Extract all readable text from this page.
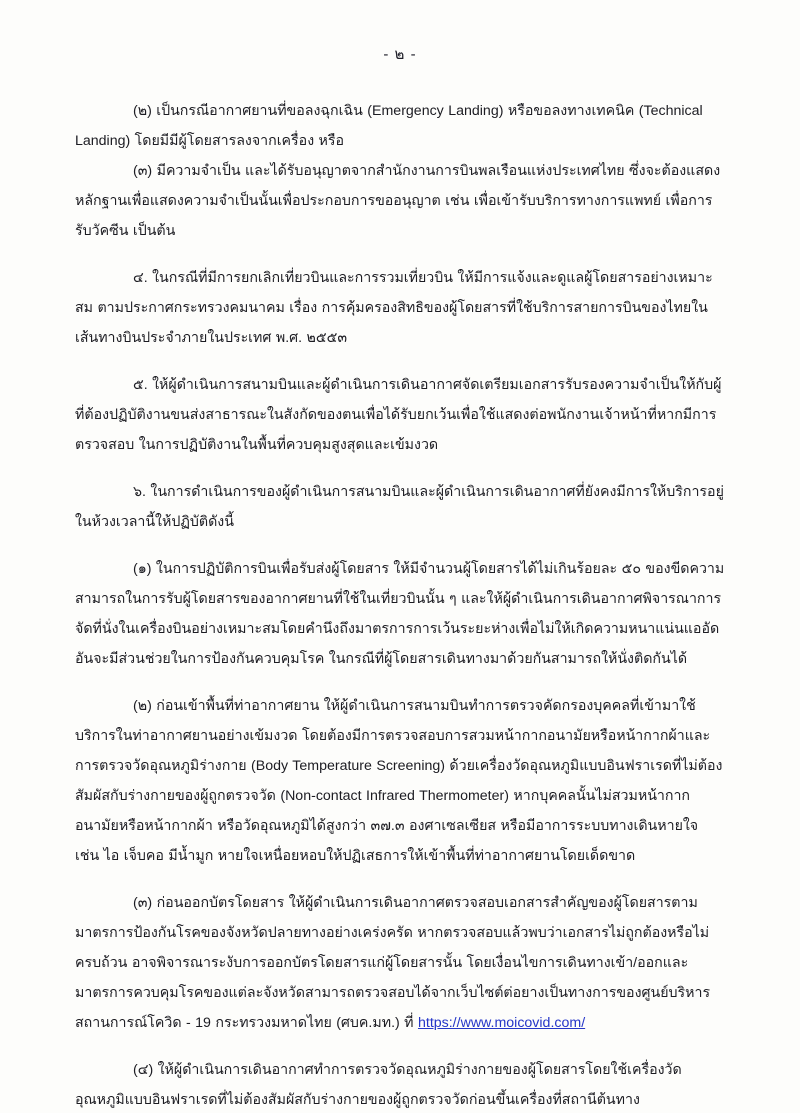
- ๒ -

(๒) เป็นกรณีอากาศยานที่ขอลงฉุกเฉิน (Emergency Landing) หรือขอลงทางเทคนิค (Technical Landing) โดยมีมีผู้โดยสารลงจากเครื่อง หรือ

(๓) มีความจำเป็น และได้รับอนุญาตจากสำนักงานการบินพลเรือนแห่งประเทศไทย ซึ่งจะต้องแสดงหลักฐานเพื่อแสดงความจำเป็นนั้นเพื่อประกอบการขออนุญาต เช่น เพื่อเข้ารับบริการทางการแพทย์ เพื่อการรับวัคซีน เป็นต้น

๔. ในกรณีที่มีการยกเลิกเที่ยวบินและการรวมเที่ยวบิน ให้มีการแจ้งและดูแลผู้โดยสารอย่างเหมาะสม ตามประกาศกระทรวงคมนาคม เรื่อง การคุ้มครองสิทธิของผู้โดยสารที่ใช้บริการสายการบินของไทยในเส้นทางบินประจำภายในประเทศ พ.ศ. ๒๕๕๓

๕. ให้ผู้ดำเนินการสนามบินและผู้ดำเนินการเดินอากาศจัดเตรียมเอกสารรับรองความจำเป็นให้กับผู้ที่ต้องปฏิบัติงานขนส่งสาธารณะในสังกัดของตนเพื่อได้รับยกเว้นเพื่อใช้แสดงต่อพนักงานเจ้าหน้าที่หากมีการตรวจสอบ ในการปฏิบัติงานในพื้นที่ควบคุมสูงสุดและเข้มงวด

๖. ในการดำเนินการของผู้ดำเนินการสนามบินและผู้ดำเนินการเดินอากาศที่ยังคงมีการให้บริการอยู่ในห้วงเวลานี้ให้ปฏิบัติดังนี้

(๑) ในการปฏิบัติการบินเพื่อรับส่งผู้โดยสาร ให้มีจำนวนผู้โดยสารได้ไม่เกินร้อยละ ๕๐ ของขีดความสามารถในการรับผู้โดยสารของอากาศยานที่ใช้ในเที่ยวบินนั้น ๆ และให้ผู้ดำเนินการเดินอากาศพิจารณาการจัดที่นั่งในเครื่องบินอย่างเหมาะสมโดยคำนึงถึงมาตรการการเว้นระยะห่างเพื่อไม่ให้เกิดความหนาแน่นแออัด อันจะมีส่วนช่วยในการป้องกันควบคุมโรค ในกรณีที่ผู้โดยสารเดินทางมาด้วยกันสามารถให้นั่งติดกันได้

(๒) ก่อนเข้าพื้นที่ท่าอากาศยาน ให้ผู้ดำเนินการสนามบินทำการตรวจคัดกรองบุคคลที่เข้ามาใช้บริการในท่าอากาศยานอย่างเข้มงวด โดยต้องมีการตรวจสอบการสวมหน้ากากอนามัยหรือหน้ากากผ้าและการตรวจวัดอุณหภูมิร่างกาย (Body Temperature Screening) ด้วยเครื่องวัดอุณหภูมิแบบอินฟราเรดที่ไม่ต้องสัมผัสกับร่างกายของผู้ถูกตรวจวัด (Non-contact Infrared Thermometer) หากบุคคลนั้นไม่สวมหน้ากากอนามัยหรือหน้ากากผ้า หรือวัดอุณหภูมิได้สูงกว่า ๓๗.๓ องศาเซลเซียส หรือมีอาการระบบทางเดินหายใจ เช่น ไอ เจ็บคอ มีน้ำมูก หายใจเหนื่อยหอบให้ปฏิเสธการให้เข้าพื้นที่ท่าอากาศยานโดยเด็ดขาด

(๓) ก่อนออกบัตรโดยสาร ให้ผู้ดำเนินการเดินอากาศตรวจสอบเอกสารสำคัญของผู้โดยสารตามมาตรการป้องกันโรคของจังหวัดปลายทางอย่างเคร่งครัด หากตรวจสอบแล้วพบว่าเอกสารไม่ถูกต้องหรือไม่ครบถ้วน อาจพิจารณาระงับการออกบัตรโดยสารแก่ผู้โดยสารนั้น โดยเงื่อนไขการเดินทางเข้า/ออกและมาตรการควบคุมโรคของแต่ละจังหวัดสามารถตรวจสอบได้จากเว็บไซต์ต่อยางเป็นทางการของศูนย์บริหารสถานการณ์โควิด - 19 กระทรวงมหาดไทย (ศบค.มท.) ที่ https://www.moicovid.com/

(๔) ให้ผู้ดำเนินการเดินอากาศทำการตรวจวัดอุณหภูมิร่างกายของผู้โดยสารโดยใช้เครื่องวัดอุณหภูมิแบบอินฟราเรดที่ไม่ต้องสัมผัสกับร่างกายของผู้ถูกตรวจวัดก่อนขึ้นเครื่องที่สถานีต้นทาง
